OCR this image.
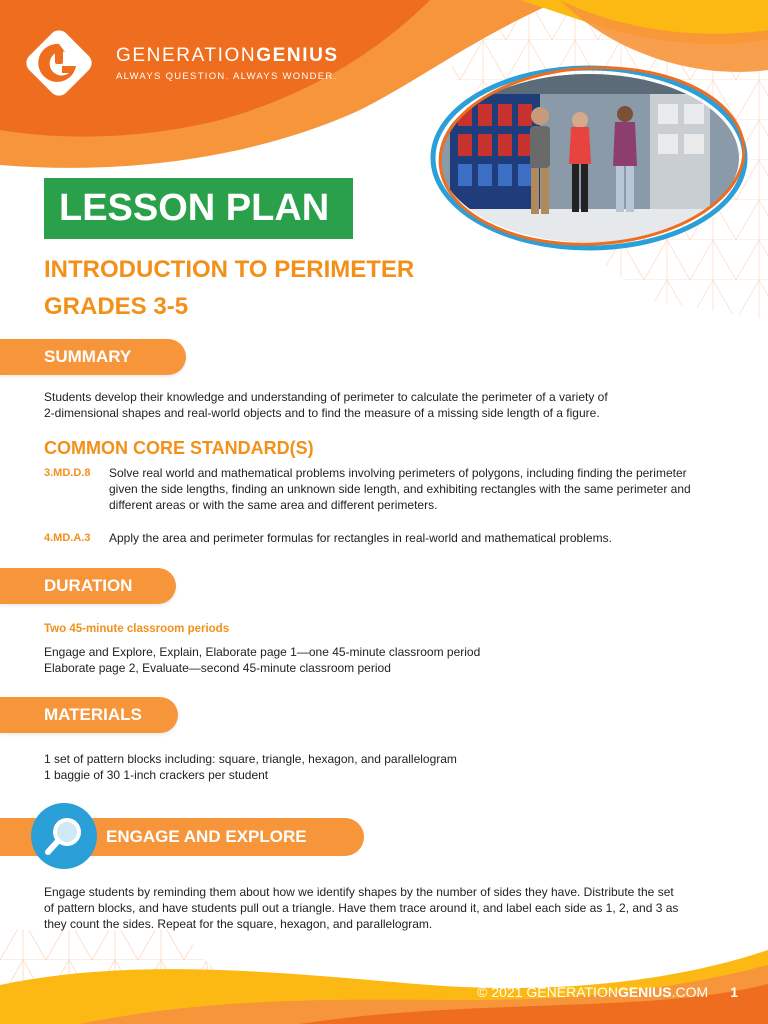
GENERATIONGENIUS
ALWAYS QUESTION. ALWAYS WONDER.
LESSON PLAN
INTRODUCTION TO PERIMETER
GRADES 3-5
SUMMARY
Students develop their knowledge and understanding of perimeter to calculate the perimeter of a variety of
2-dimensional shapes and real-world objects and to find the measure of a missing side length of a figure.
COMMON CORE STANDARD(S)
3.MD.D.8	Solve real world and mathematical problems involving perimeters of polygons, including finding the perimeter
given the side lengths, finding an unknown side length, and exhibiting rectangles with the same perimeter and
different areas or with the same area and different perimeters.
4.MD.A.3	Apply the area and perimeter formulas for rectangles in real-world and mathematical problems.
DURATION
Two 45-minute classroom periods
Engage and Explore, Explain, Elaborate page 1—one 45-minute classroom period
Elaborate page 2, Evaluate—second 45-minute classroom period
MATERIALS
1 set of pattern blocks including: square, triangle, hexagon, and parallelogram
1 baggie of 30 1-inch crackers per student
ENGAGE AND EXPLORE
Engage students by reminding them about how we identify shapes by the number of sides they have. Distribute the set
of pattern blocks, and have students pull out a triangle. Have them trace around it, and label each side as 1, 2, and 3 as
they count the sides. Repeat for the square, hexagon, and parallelogram.
© 2021 GENERATIONGENIUS.COM 1
